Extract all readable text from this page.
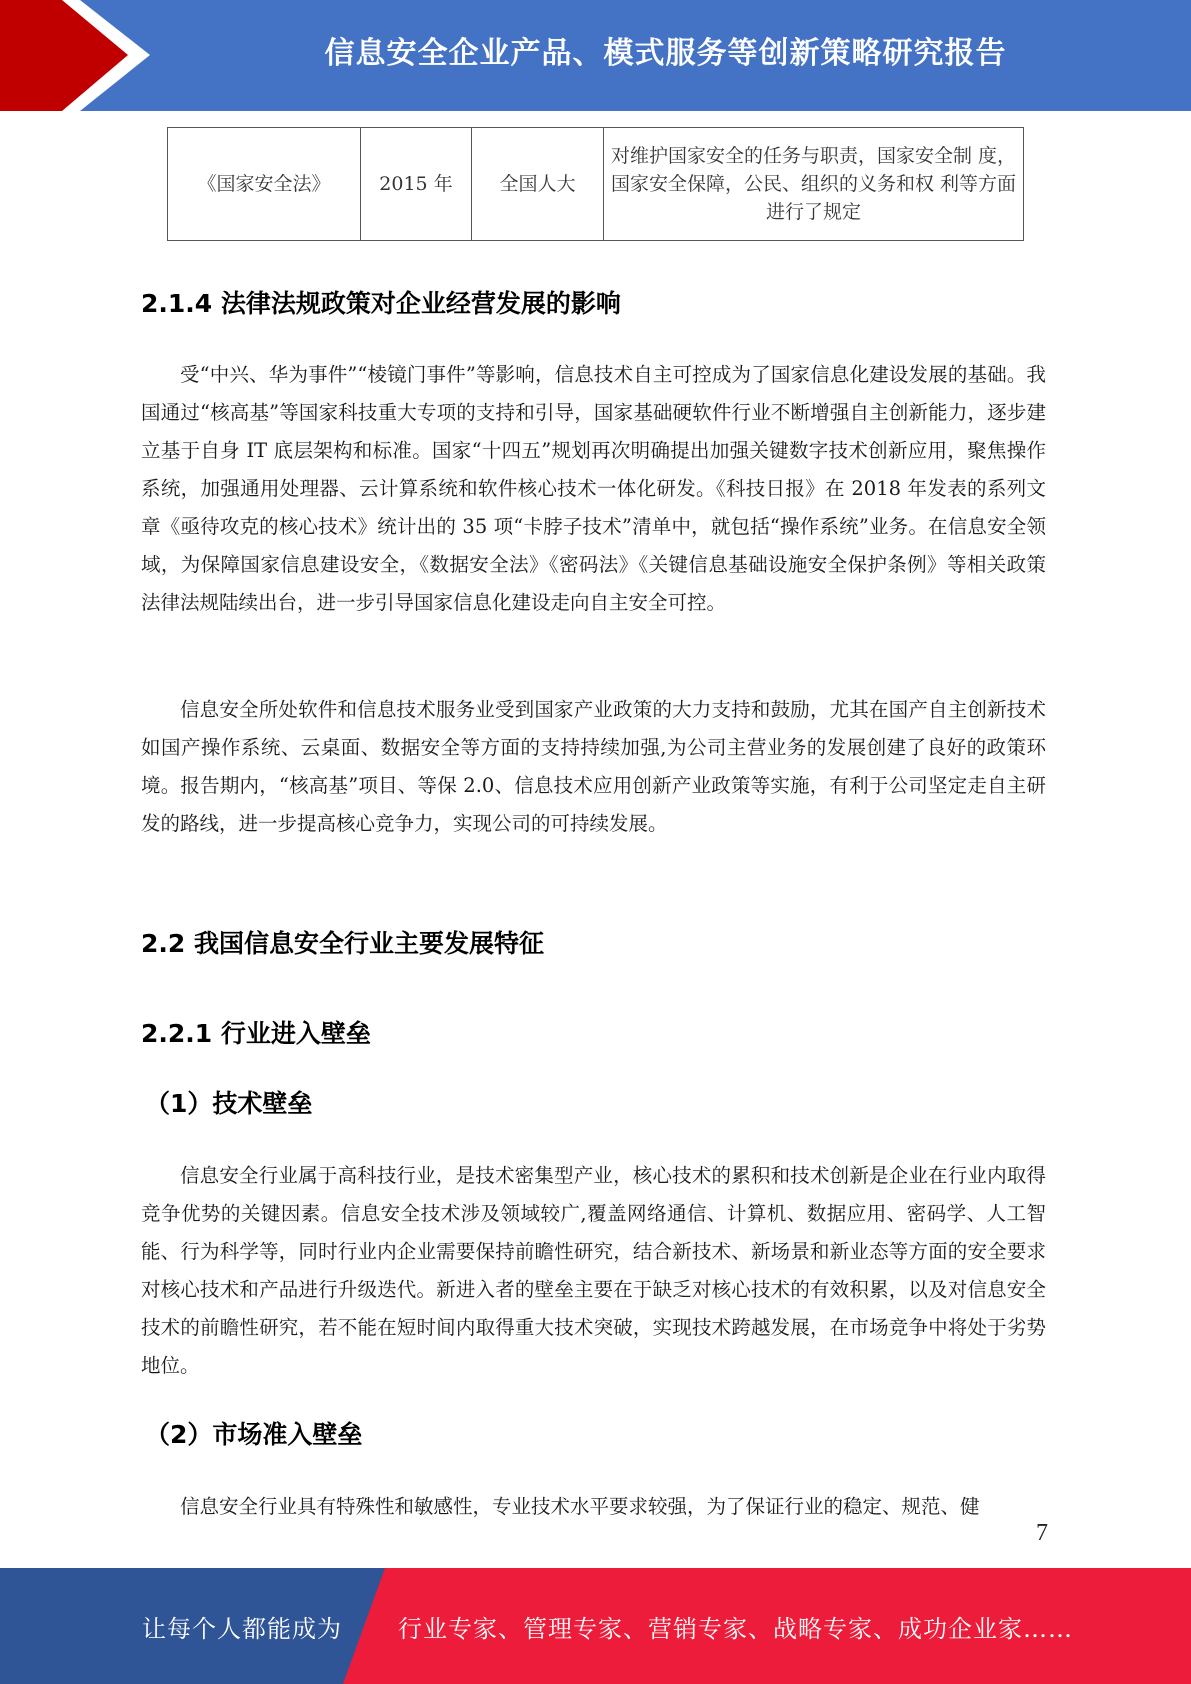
信息安全企业产品、模式服务等创新策略研究报告
《国家安全法》	2015 年	全国人大	对维护国家安全的任务与职责，国家安全制 度，国家安全保障，公民、组织的义务和权 利等方面进行了规定
2.1.4 法律法规政策对企业经营发展的影响

受“中兴、华为事件”“棱镜门事件”等影响，信息技术自主可控成为了国家信息化建设发展的基础。我国通过“核高基”等国家科技重大专项的支持和引导，国家基础硬软件行业不断增强自主创新能力，逐步建立基于自身 IT 底层架构和标准。国家“十四五”规划再次明确提出加强关键数字技术创新应用，聚焦操作系统，加强通用处理器、云计算系统和软件核心技术一体化研发。《科技日报》在 2018 年发表的系列文章《亟待攻克的核心技术》统计出的 35 项“卡脖子技术”清单中，就包括“操作系统”业务。在信息安全领域，为保障国家信息建设安全，《数据安全法》《密码法》《关键信息基础设施安全保护条例》等相关政策法律法规陆续出台，进一步引导国家信息化建设走向自主安全可控。

信息安全所处软件和信息技术服务业受到国家产业政策的大力支持和鼓励，尤其在国产自主创新技术如国产操作系统、云桌面、数据安全等方面的支持持续加强,为公司主营业务的发展创建了良好的政策环境。报告期内，“核高基”项目、等保 2.0、信息技术应用创新产业政策等实施，有利于公司坚定走自主研发的路线，进一步提高核心竞争力，实现公司的可持续发展。

2.2 我国信息安全行业主要发展特征
2.2.1 行业进入壁垒
（1）技术壁垒

信息安全行业属于高科技行业，是技术密集型产业，核心技术的累积和技术创新是企业在行业内取得竞争优势的关键因素。信息安全技术涉及领域较广,覆盖网络通信、计算机、数据应用、密码学、人工智能、行为科学等，同时行业内企业需要保持前瞻性研究，结合新技术、新场景和新业态等方面的安全要求对核心技术和产品进行升级迭代。新进入者的壁垒主要在于缺乏对核心技术的有效积累，以及对信息安全技术的前瞻性研究，若不能在短时间内取得重大技术突破，实现技术跨越发展，在市场竞争中将处于劣势地位。

（2）市场准入壁垒

信息安全行业具有特殊性和敏感性，专业技术水平要求较强，为了保证行业的稳定、规范、健

7
让每个人都能成为 行业专家、管理专家、营销专家、战略专家、成功企业家……
